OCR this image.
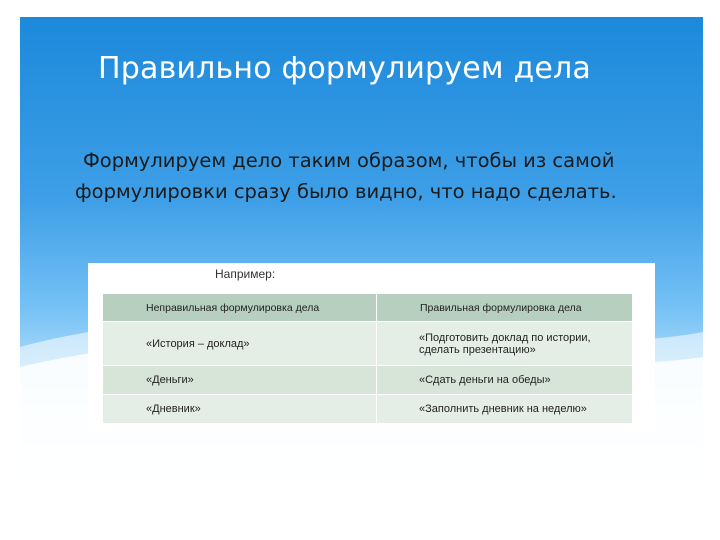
Правильно формулируем дела
Формулируем дело таким образом, чтобы из самой формулировки сразу было видно, что надо сделать.
Например:
Неправильная формулировка дела	Правильная формулировка дела
«История – доклад»	«Подготовить доклад по истории, сделать презентацию»
«Деньги»	«Сдать деньги на обеды»
«Дневник»	«Заполнить дневник на неделю»
